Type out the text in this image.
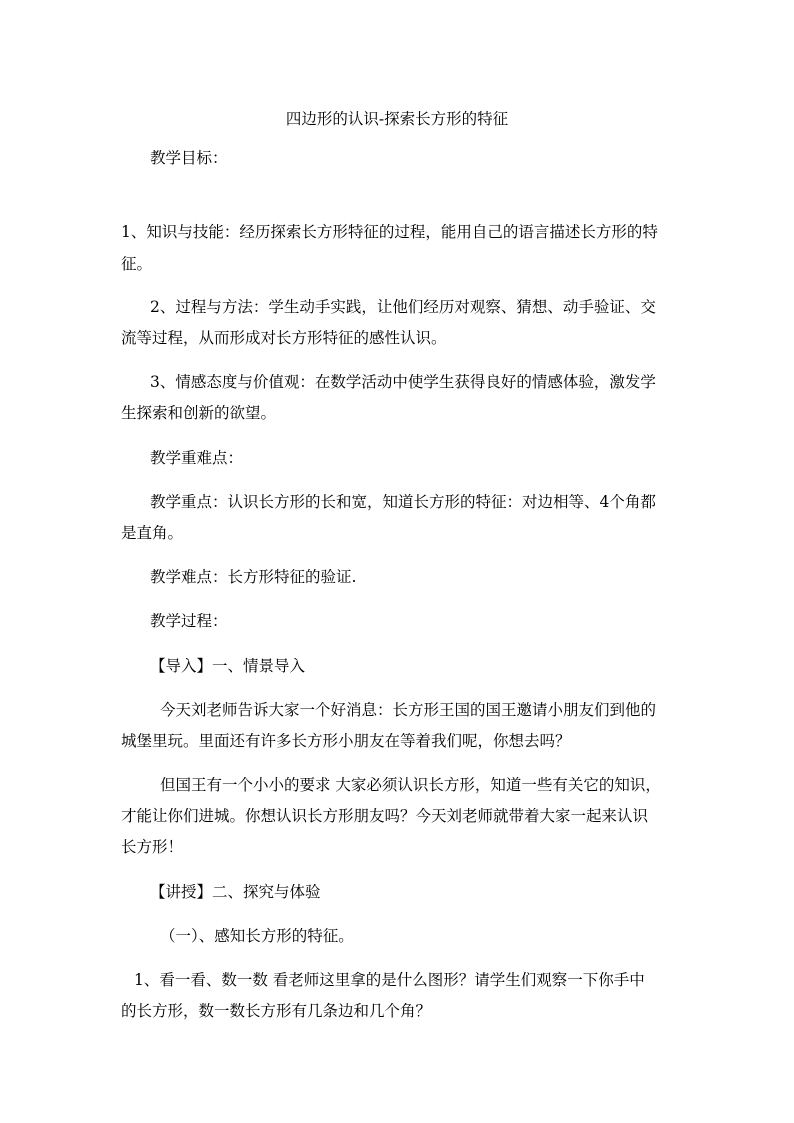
四边形的认识-探索长方形的特征
教学目标：
1、知识与技能：经历探索长方形特征的过程，能用自己的语言描述长方形的特
征。
2、过程与方法：学生动手实践，让他们经历对观察、猜想、动手验证、交
流等过程，从而形成对长方形特征的感性认识。
3、情感态度与价值观：在数学活动中使学生获得良好的情感体验，激发学
生探索和创新的欲望。
教学重难点：
教学重点：认识长方形的长和宽，知道长方形的特征：对边相等、4个角都
是直角。
教学难点：长方形特征的验证.
教学过程：
【导入】一、情景导入
今天刘老师告诉大家一个好消息：长方形王国的国王邀请小朋友们到他的
城堡里玩。里面还有许多长方形小朋友在等着我们呢，你想去吗？
但国王有一个小小的要求 大家必须认识长方形，知道一些有关它的知识，
才能让你们进城。你想认识长方形朋友吗？今天刘老师就带着大家一起来认识
长方形！
【讲授】二、探究与体验
（一）、感知长方形的特征。
1、看一看、数一数 看老师这里拿的是什么图形？请学生们观察一下你手中
的长方形，数一数长方形有几条边和几个角？
